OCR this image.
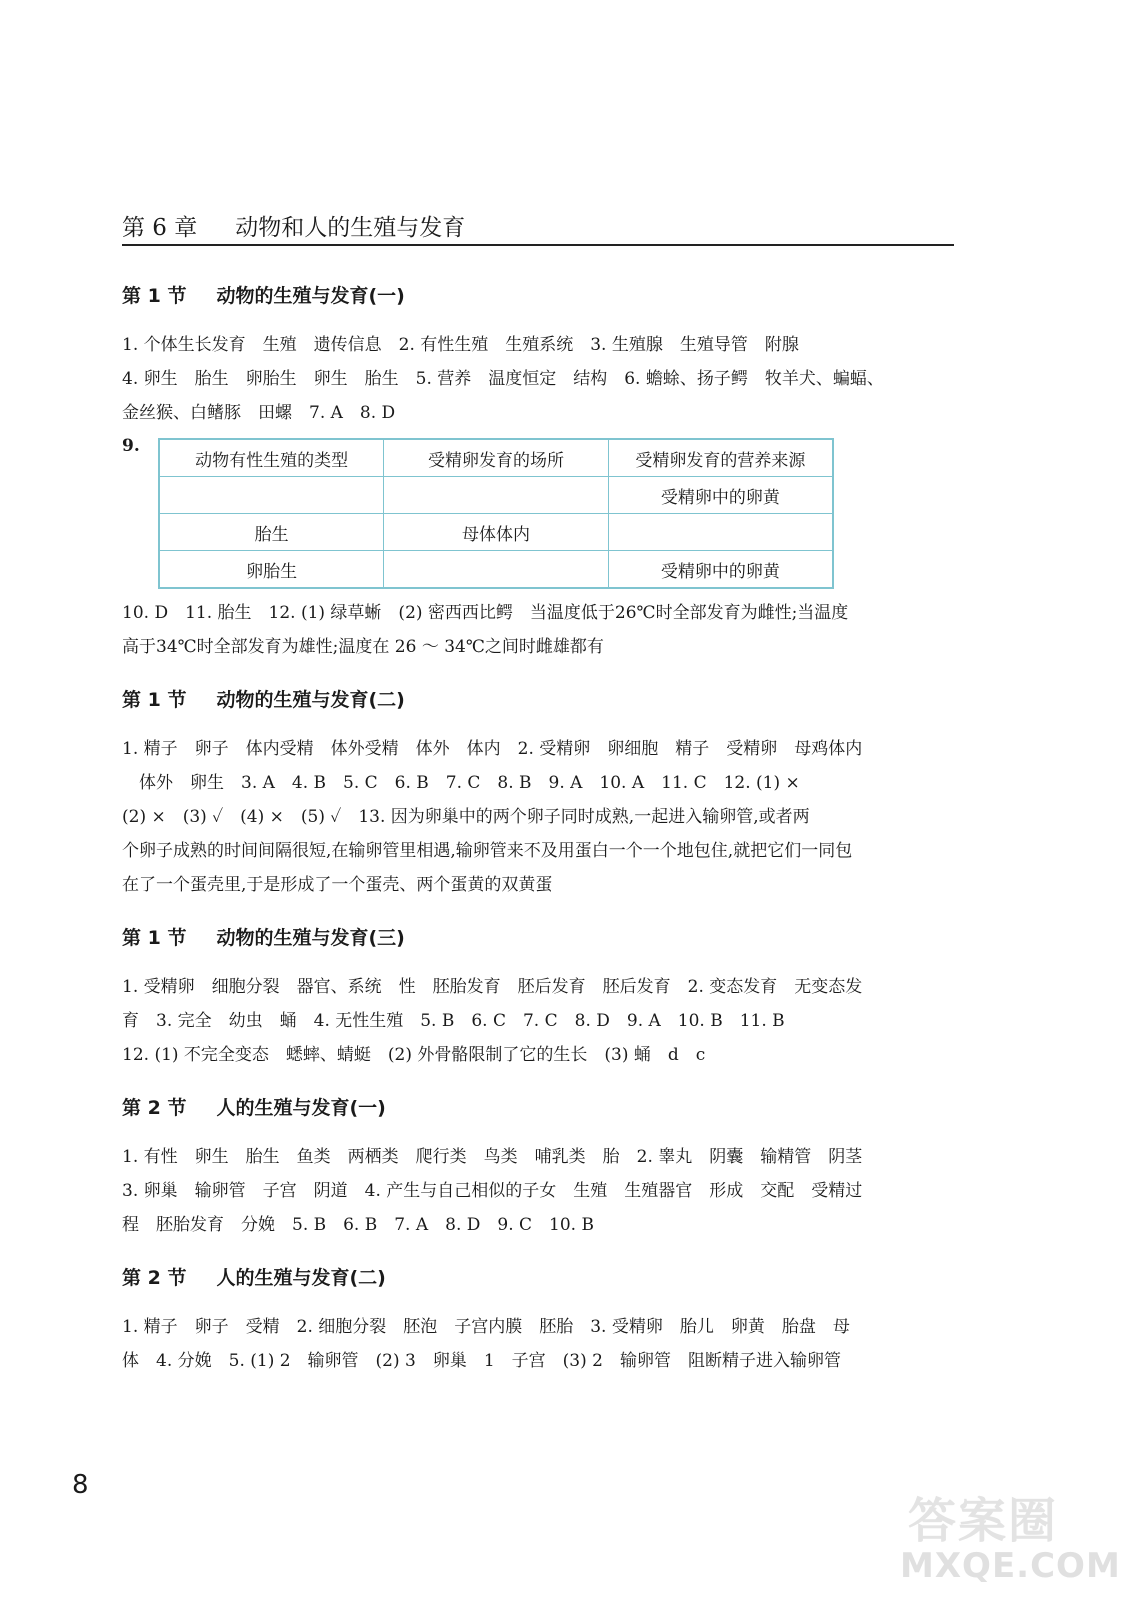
第 6 章 动物和人的生殖与发育
第 1 节 动物的生殖与发育(一)
1. 个体生长发育　生殖　遗传信息　2. 有性生殖　生殖系统　3. 生殖腺　生殖导管　附腺
4. 卵生　胎生　卵胎生　卵生　胎生　5. 营养　温度恒定　结构　6. 蟾蜍、扬子鳄　牧羊犬、蝙蝠、
金丝猴、白鳍豚　田螺　7. A　8. D
9.
动物有性生殖的类型	受精卵发育的场所	受精卵发育的营养来源
		受精卵中的卵黄
胎生	母体体内	
卵胎生		受精卵中的卵黄
10. D　11. 胎生　12. (1) 绿草蜥　(2) 密西西比鳄　当温度低于26℃时全部发育为雌性;当温度
高于34℃时全部发育为雄性;温度在 26 ～ 34℃之间时雌雄都有
第 1 节 动物的生殖与发育(二)
1. 精子　卵子　体内受精　体外受精　体外　体内　2. 受精卵　卵细胞　精子　受精卵　母鸡体内
　体外　卵生　3. A　4. B　5. C　6. B　7. C　8. B　9. A　10. A　11. C　12. (1) ×
(2) ×　(3) ✓　(4) ×　(5) ✓　13. 因为卵巢中的两个卵子同时成熟,一起进入输卵管,或者两
个卵子成熟的时间间隔很短,在输卵管里相遇,输卵管来不及用蛋白一个一个地包住,就把它们一同包
在了一个蛋壳里,于是形成了一个蛋壳、两个蛋黄的双黄蛋
第 1 节 动物的生殖与发育(三)
1. 受精卵　细胞分裂　器官、系统　性　胚胎发育　胚后发育　胚后发育　2. 变态发育　无变态发
育　3. 完全　幼虫　蛹　4. 无性生殖　5. B　6. C　7. C　8. D　9. A　10. B　11. B
12. (1) 不完全变态　蟋蟀、蜻蜓　(2) 外骨骼限制了它的生长　(3) 蛹　d　c
第 2 节 人的生殖与发育(一)
1. 有性　卵生　胎生　鱼类　两栖类　爬行类　鸟类　哺乳类　胎　2. 睾丸　阴囊　输精管　阴茎
3. 卵巢　输卵管　子宫　阴道　4. 产生与自己相似的子女　生殖　生殖器官　形成　交配　受精过
程　胚胎发育　分娩　5. B　6. B　7. A　8. D　9. C　10. B
第 2 节 人的生殖与发育(二)
1. 精子　卵子　受精　2. 细胞分裂　胚泡　子宫内膜　胚胎　3. 受精卵　胎儿　卵黄　胎盘　母
体　4. 分娩　5. (1) 2　输卵管　(2) 3　卵巢　1　子宫　(3) 2　输卵管　阻断精子进入输卵管
8
答案圈
MXQE.COM
